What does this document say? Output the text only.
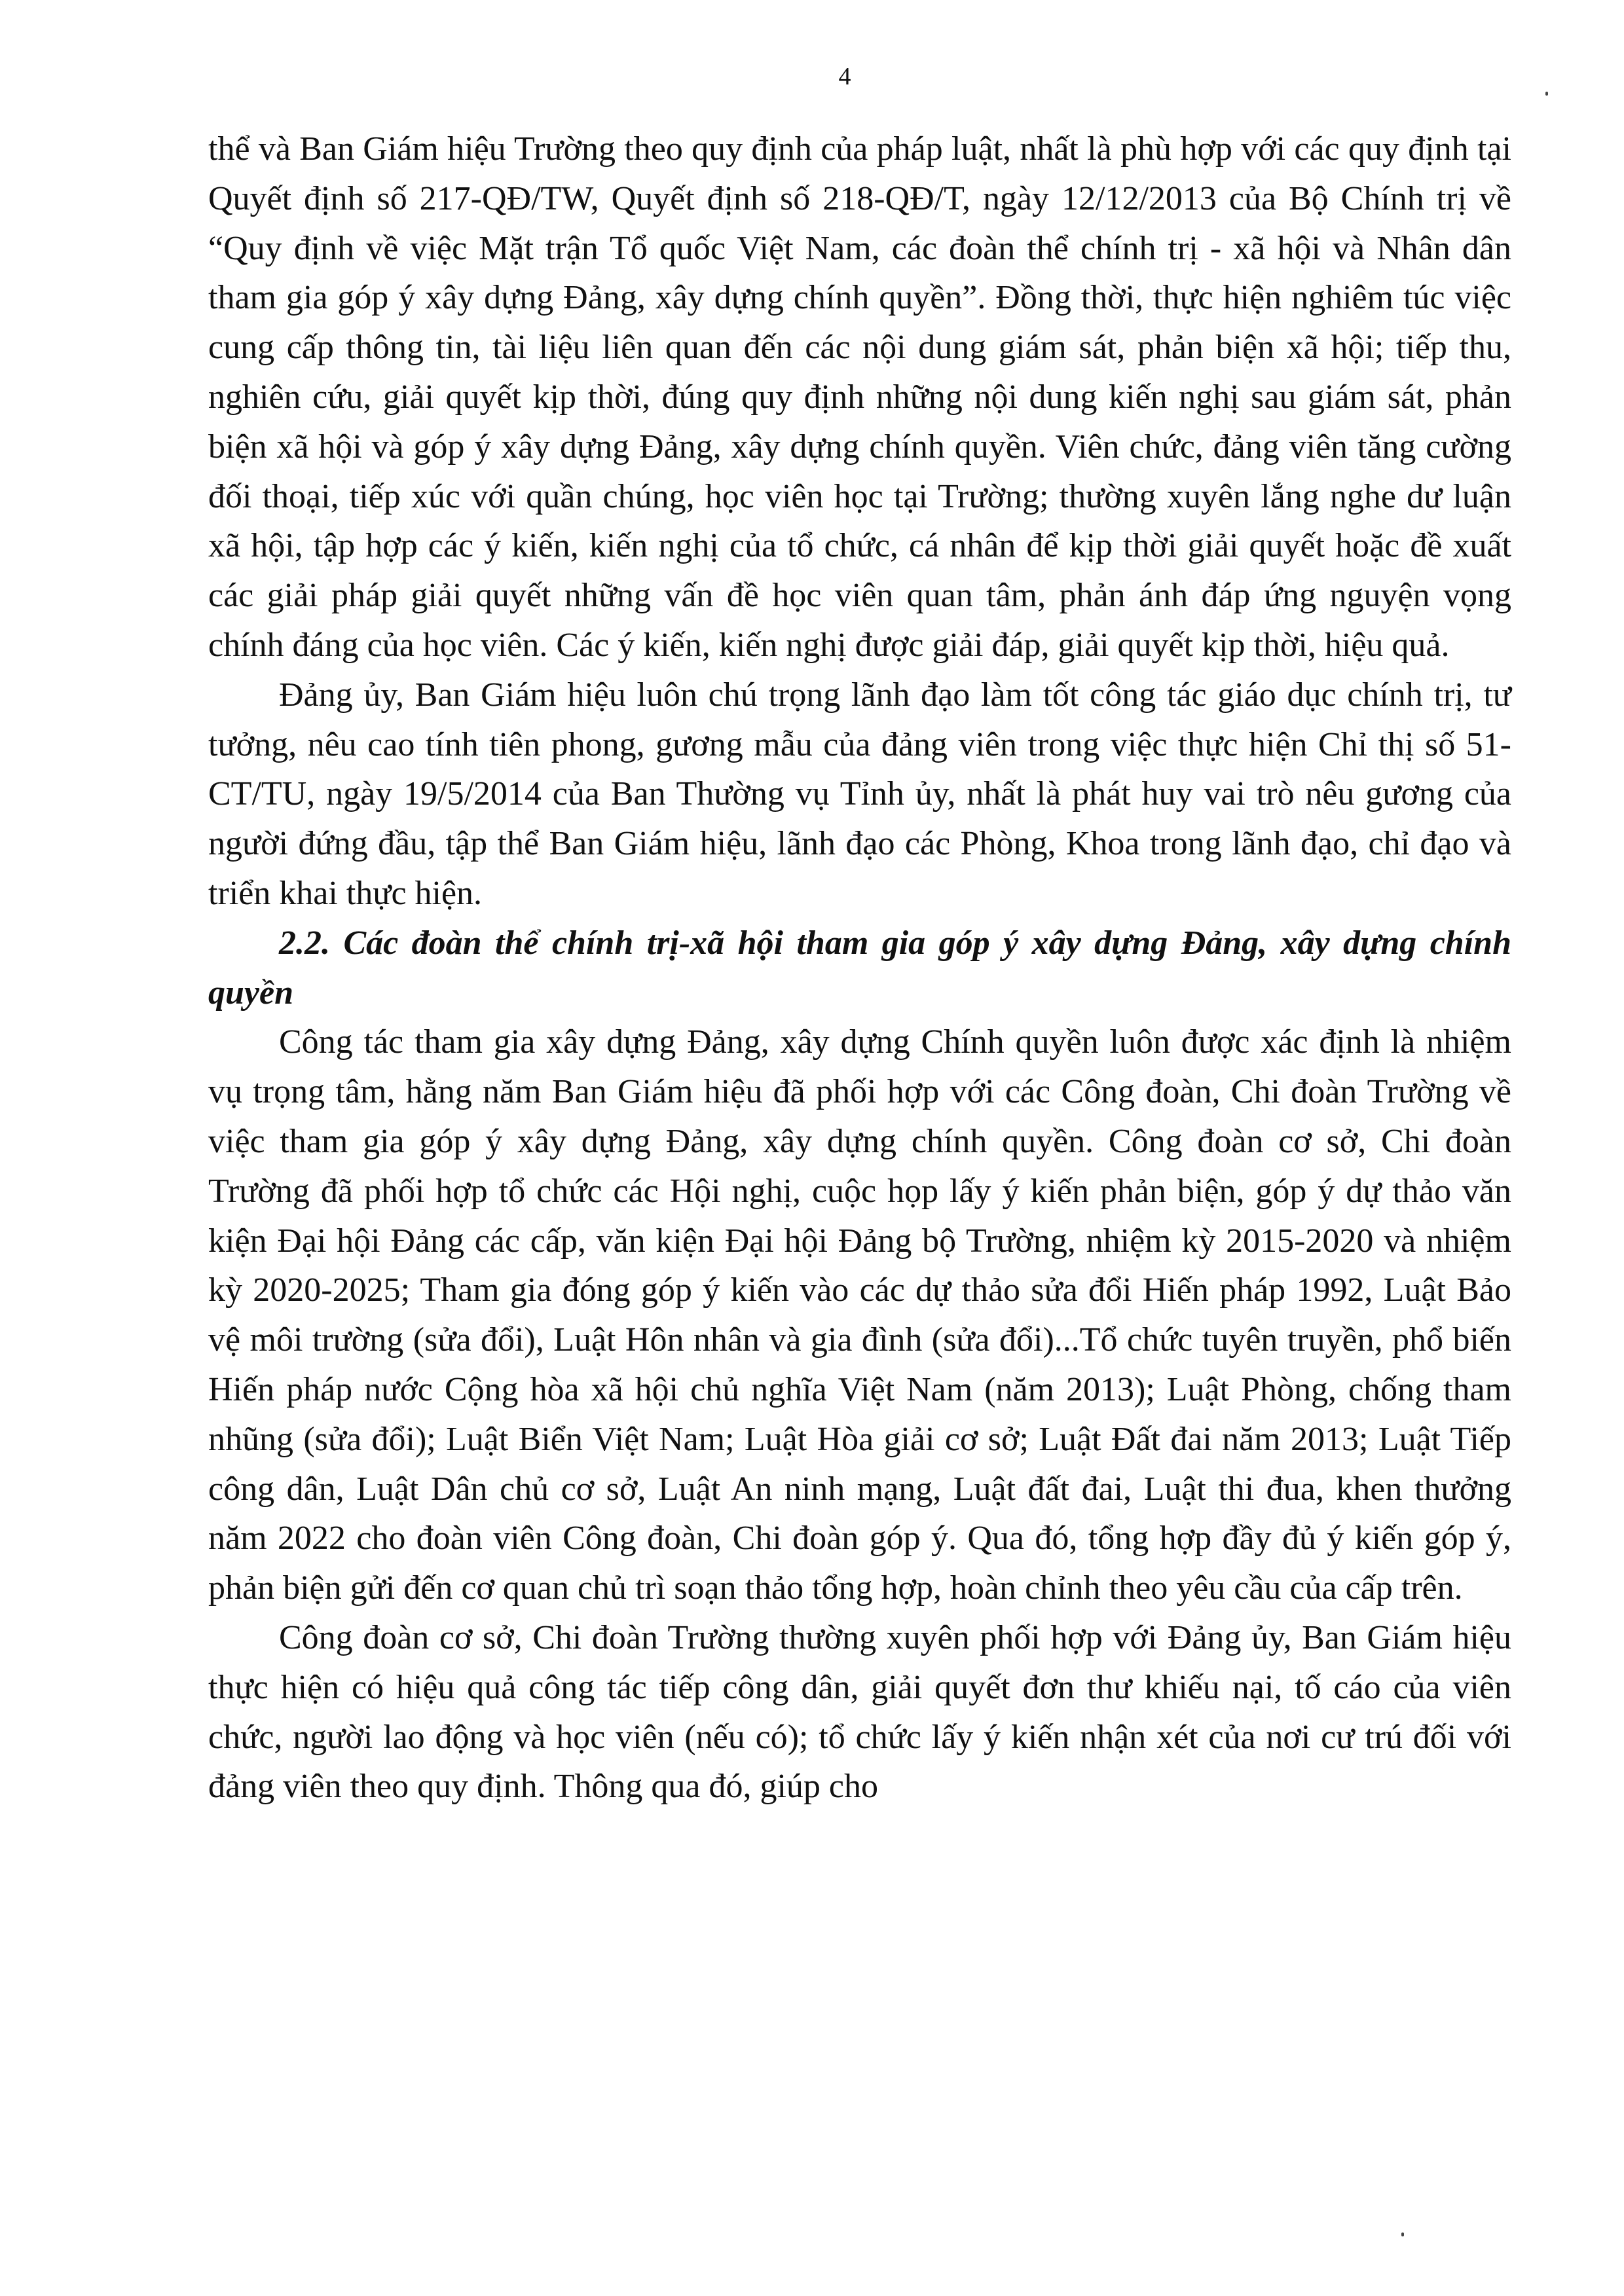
4

thể và Ban Giám hiệu Trường theo quy định của pháp luật, nhất là phù hợp với các quy định tại Quyết định số 217-QĐ/TW, Quyết định số 218-QĐ/T, ngày 12/12/2013 của Bộ Chính trị về “Quy định về việc Mặt trận Tổ quốc Việt Nam, các đoàn thể chính trị - xã hội và Nhân dân tham gia góp ý xây dựng Đảng, xây dựng chính quyền”. Đồng thời, thực hiện nghiêm túc việc cung cấp thông tin, tài liệu liên quan đến các nội dung giám sát, phản biện xã hội; tiếp thu, nghiên cứu, giải quyết kịp thời, đúng quy định những nội dung kiến nghị sau giám sát, phản biện xã hội và góp ý xây dựng Đảng, xây dựng chính quyền. Viên chức, đảng viên tăng cường đối thoại, tiếp xúc với quần chúng, học viên học tại Trường; thường xuyên lắng nghe dư luận xã hội, tập hợp các ý kiến, kiến nghị của tổ chức, cá nhân để kịp thời giải quyết hoặc đề xuất các giải pháp giải quyết những vấn đề học viên quan tâm, phản ánh đáp ứng nguyện vọng chính đáng của học viên. Các ý kiến, kiến nghị được giải đáp, giải quyết kịp thời, hiệu quả.

Đảng ủy, Ban Giám hiệu luôn chú trọng lãnh đạo làm tốt công tác giáo dục chính trị, tư tưởng, nêu cao tính tiên phong, gương mẫu của đảng viên trong việc thực hiện Chỉ thị số 51-CT/TU, ngày 19/5/2014 của Ban Thường vụ Tỉnh ủy, nhất là phát huy vai trò nêu gương của người đứng đầu, tập thể Ban Giám hiệu, lãnh đạo các Phòng, Khoa trong lãnh đạo, chỉ đạo và triển khai thực hiện.

2.2. Các đoàn thể chính trị-xã hội tham gia góp ý xây dựng Đảng, xây dựng chính quyền

Công tác tham gia xây dựng Đảng, xây dựng Chính quyền luôn được xác định là nhiệm vụ trọng tâm, hằng năm Ban Giám hiệu đã phối hợp với các Công đoàn, Chi đoàn Trường về việc tham gia góp ý xây dựng Đảng, xây dựng chính quyền. Công đoàn cơ sở, Chi đoàn Trường đã phối hợp tổ chức các Hội nghị, cuộc họp lấy ý kiến phản biện, góp ý dự thảo văn kiện Đại hội Đảng các cấp, văn kiện Đại hội Đảng bộ Trường, nhiệm kỳ 2015-2020 và nhiệm kỳ 2020-2025; Tham gia đóng góp ý kiến vào các dự thảo sửa đổi Hiến pháp 1992, Luật Bảo vệ môi trường (sửa đổi), Luật Hôn nhân và gia đình (sửa đổi)...Tổ chức tuyên truyền, phổ biến Hiến pháp nước Cộng hòa xã hội chủ nghĩa Việt Nam (năm 2013); Luật Phòng, chống tham nhũng (sửa đổi); Luật Biển Việt Nam; Luật Hòa giải cơ sở; Luật Đất đai năm 2013; Luật Tiếp công dân, Luật Dân chủ cơ sở, Luật An ninh mạng, Luật đất đai, Luật thi đua, khen thưởng năm 2022 cho đoàn viên Công đoàn, Chi đoàn góp ý. Qua đó, tổng hợp đầy đủ ý kiến góp ý, phản biện gửi đến cơ quan chủ trì soạn thảo tổng hợp, hoàn chỉnh theo yêu cầu của cấp trên.

Công đoàn cơ sở, Chi đoàn Trường thường xuyên phối hợp với Đảng ủy, Ban Giám hiệu thực hiện có hiệu quả công tác tiếp công dân, giải quyết đơn thư khiếu nại, tố cáo của viên chức, người lao động và học viên (nếu có); tổ chức lấy ý kiến nhận xét của nơi cư trú đối với đảng viên theo quy định. Thông qua đó, giúp cho
